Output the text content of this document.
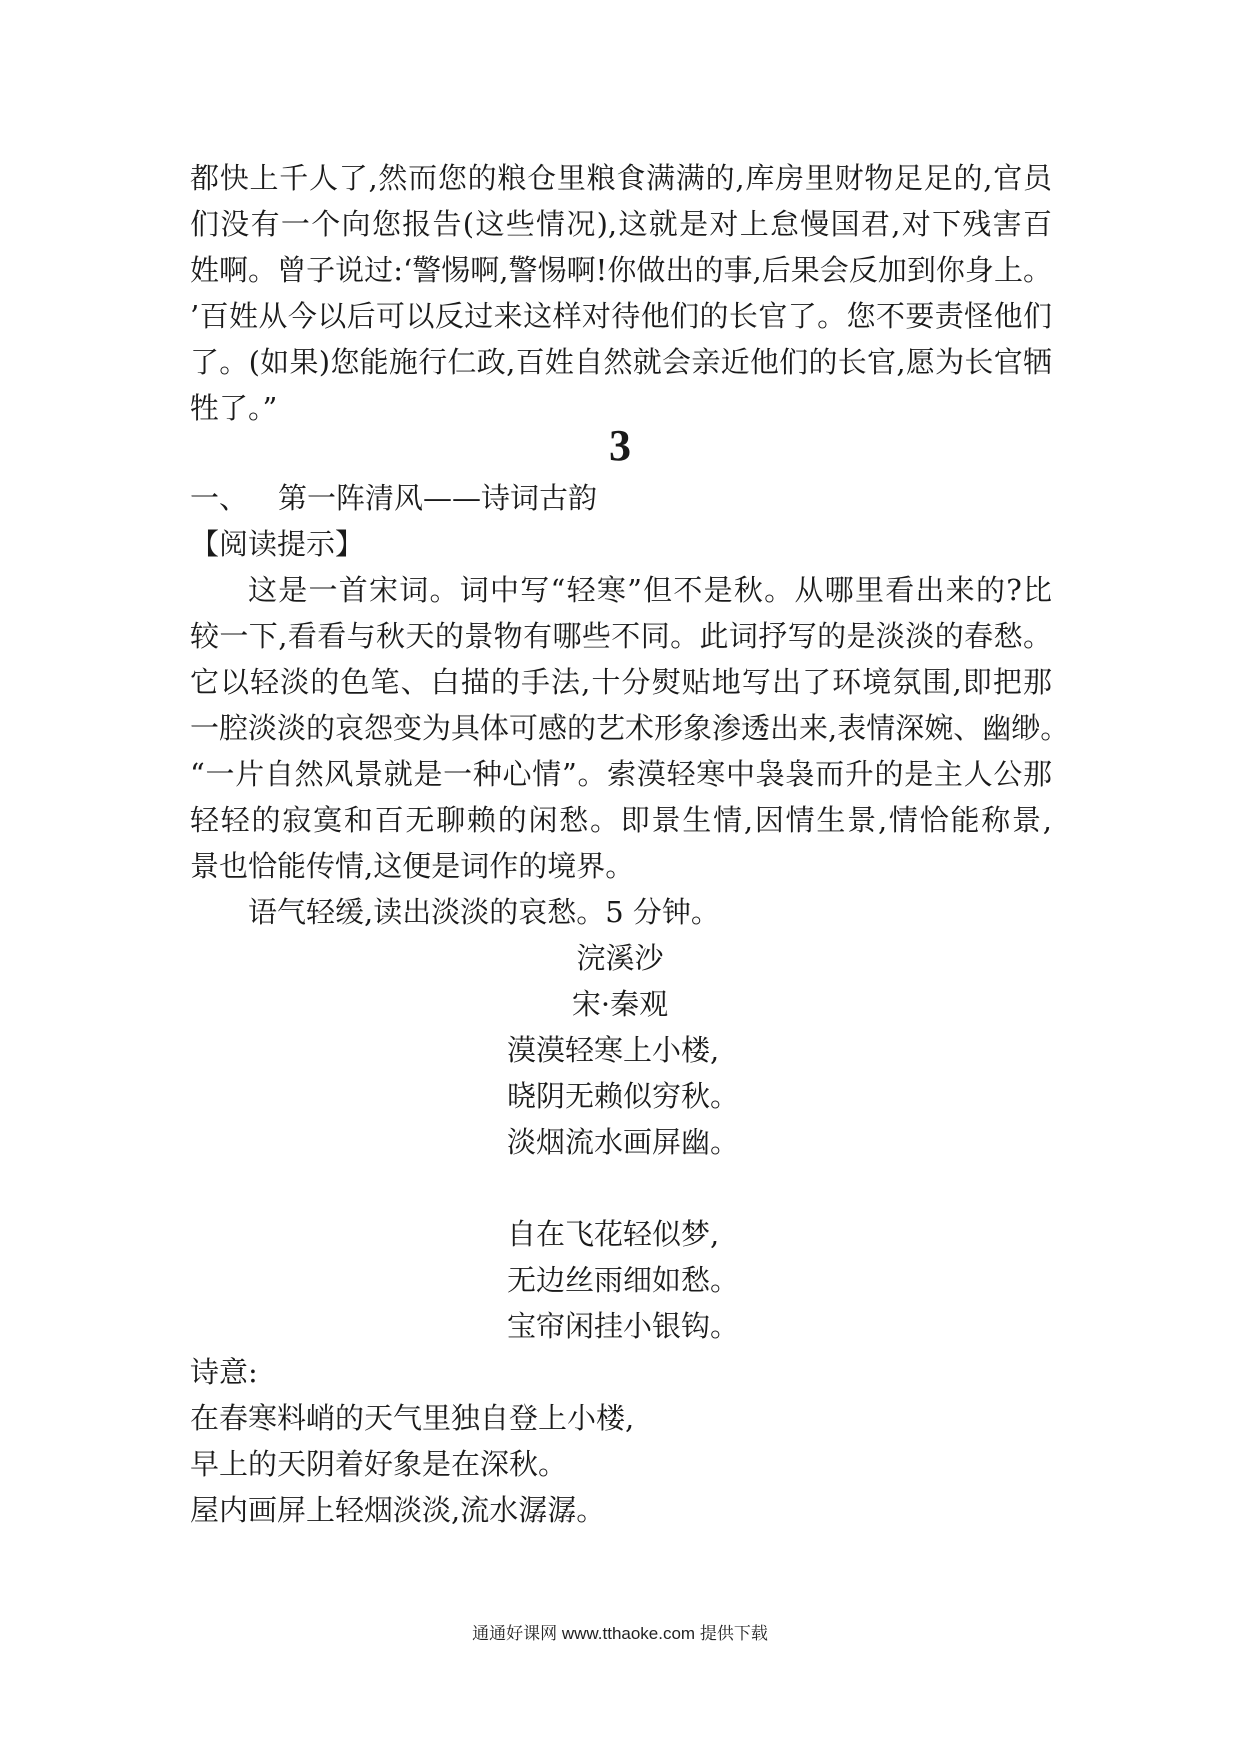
都快上千人了,然而您的粮仓里粮食满满的,库房里财物足足的,官员
们没有一个向您报告(这些情况),这就是对上怠慢国君,对下残害百
姓啊。曾子说过:‘警惕啊,警惕啊!你做出的事,后果会反加到你身上。
’百姓从今以后可以反过来这样对待他们的长官了。您不要责怪他们
了。(如果)您能施行仁政,百姓自然就会亲近他们的长官,愿为长官牺
牲了。”
3
一、 第一阵清风——诗词古韵
【阅读提示】
这是一首宋词。词中写“轻寒”但不是秋。从哪里看出来的?比
较一下,看看与秋天的景物有哪些不同。此词抒写的是淡淡的春愁。
它以轻淡的色笔、白描的手法,十分熨贴地写出了环境氛围,即把那
一腔淡淡的哀怨变为具体可感的艺术形象渗透出来,表情深婉、幽缈。
“一片自然风景就是一种心情”。索漠轻寒中袅袅而升的是主人公那
轻轻的寂寞和百无聊赖的闲愁。即景生情,因情生景,情恰能称景,
景也恰能传情,这便是词作的境界。
语气轻缓,读出淡淡的哀愁。5 分钟。
浣溪沙
宋·秦观
漠漠轻寒上小楼,
晓阴无赖似穷秋。
淡烟流水画屏幽。
自在飞花轻似梦,
无边丝雨细如愁。
宝帘闲挂小银钩。
诗意:
在春寒料峭的天气里独自登上小楼,
早上的天阴着好象是在深秋。
屋内画屏上轻烟淡淡,流水潺潺。
通通好课网 www.tthaoke.com 提供下载
